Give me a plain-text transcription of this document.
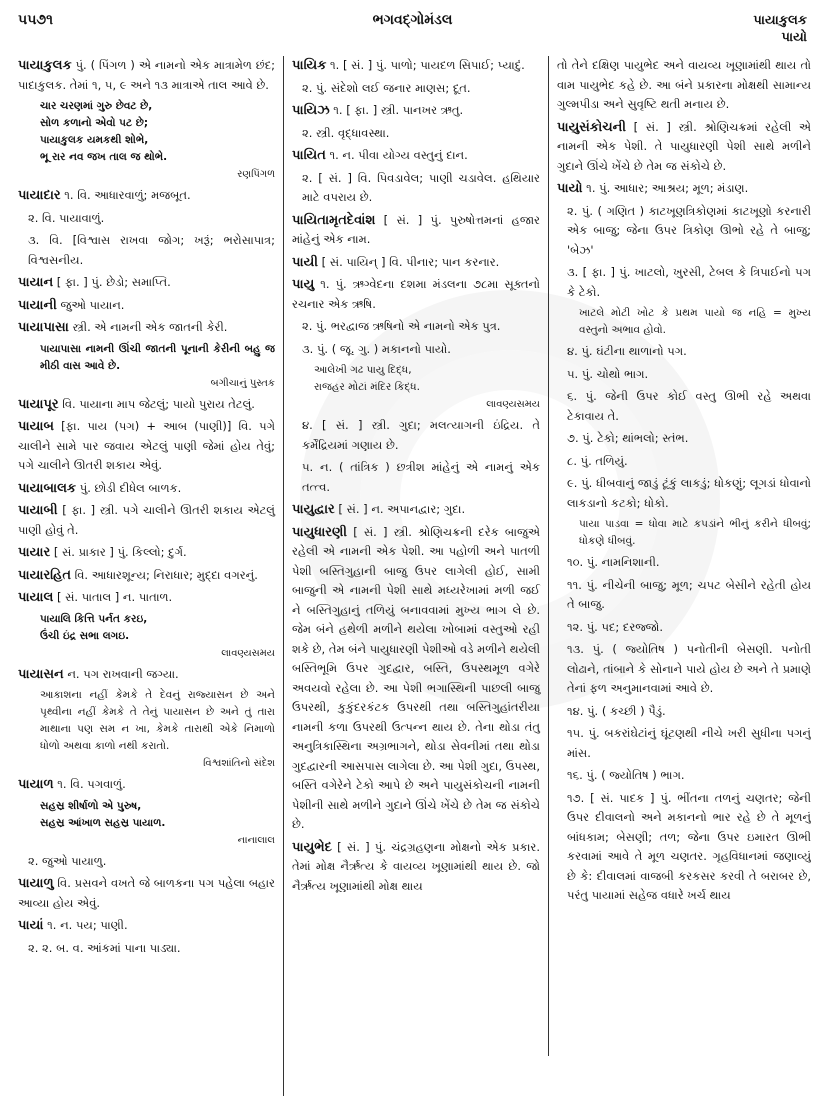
૫૫૭૧	ભગવદ્ગોમંડલ	પાયાકુલક
પાયો
પાયાકુલક પું. ( પિંગળ ) એ નામનો એક માત્રામેળ છંદ; પાદાકુલક. તેમાં ૧, ૫, ૯ અને ૧૩ માત્રાએ તાલ આવે છે.
ચાર ચરણમાં ગુરુ છેવટ છે,
સોળ કળાનો એવો પટ છે;
પાયાકુલક યમકથી શોભે,
ભૂ રાર નવ જખ તાલ જ થોભે.
રણપિંગળ
પાયાદાર ૧. વિ. આધારવાળું; મજબૂત.
૨. વિ. પાયાવાળું.
૩. વિ. [વિશ્વાસ રાખવા જોગ; ખરૂં; ભરોસાપાત્ર; વિશ્વસનીય.
પાયાન [ ફા. ] પું. છેડો; સમાપ્તિ.
પાયાની જુઓ પાયાન.
પાયાપાસા સ્ત્રી. એ નામની એક જાતની કેરી.
પાયાપાસા નામની ઊંચી જાતની પૂનાની કેરીની બહુ જ મીઠી વાસ આવે છે.
બગીચાનું પુસ્તક
પાયાપૂર વિ. પાયાના માપ જેટલું; પાયો પુરાય તેટલું.
પાયાબ [ફા. પાય (પગ) + આબ (પાણી)] વિ. પગે ચાલીને સામે પાર જવાય એટલું પાણી જેમાં હોય તેવું; પગે ચાલીને ઊતરી શકાય એવું.
પાયાબાલક પું. છોડી દીધેલ બાળક.
પાયાબી [ ફા. ] સ્ત્રી. પગે ચાલીને ઊતરી શકાય એટલું પાણી હોવું તે.
પાયાર [ સં. પ્રાકાર ] પું. કિલ્લો; દુર્ગ.
પાયારહિત વિ. આધારશૂન્ય; નિરાધાર; મુદ્દા વગરનું.
પાયાલ [ સં. પાતાલ ] ન. પાતાળ.
પાયાલિ કિત્તિ પર્નત કરઇ,
ઉંચી ઇંદ્ર સભા લગઇ.
લાવણ્યસમય
પાયાસન ન. પગ રાખવાની જગ્યા.
આકાશના નહીં કેમકે તે દેવનું રાજ્યાસન છે અને પૃથ્વીના નહીં કેમકે તે તેનું પાયાસન છે અને તું તારા માથાના પણ સમ ન ખા, કેમકે તારાથી એકે નિમાળો ધોળો અથવા કાળો નથી કરાતો.
વિશ્વશાંતિનો સંદેશ
પાયાળ ૧. વિ. પગવાળું.
સહસ્ર શીર્ષાળો એ પુરુષ,
સહસ્ર આંખાળ સહસ્ર પાયાળ.
નાનાલાલ
૨. જુઓ પાયાળુ.
પાયાળુ વિ. પ્રસવને વખતે જે બાળકના પગ પહેલા બહાર આવ્યા હોય એવું.
પાયાં ૧. ન. પય; પાણી.
૨. ૨. બ. વ. આંકમાં પાના પાડ્યા.
પાયિક ૧. [ સં. ] પું. પાળો; પાયદળ સિપાઈ; પ્યાદું.
૨. પું. સંદેશો લઈ જનાર માણસ; દૂત.
પાયિઝ ૧. [ ફા. ] સ્ત્રી. પાનખર ઋતુ.
૨. સ્ત્રી. વૃદ્ધાવસ્થા.
પાયિત ૧. ન. પીવા યોગ્ય વસ્તુનું દાન.
૨. [ સં. ] વિ. પિવડાવેલ; પાણી ચડાવેલ. હથિયાર માટે વપરાય છે.
પાયિતામૃતદેવાંશ [ સં. ] પું. પુરુષોત્તમનાં હજાર માંહેનું એક નામ.
પાયી [ સં. પાયિન્ ] વિ. પીનાર; પાન કરનાર.
પાયુ ૧. પું. ઋગ્વેદના દશમા મંડલના ૭૮મા સૂક્તનો રચનાર એક ઋષિ.
૨. પું. ભરદ્વાજ ઋષિનો એ નામનો એક પુત્ર.
૩. પું. ( જૂ. ગુ. ) મકાનનો પાયો.
આલેખી ગઢ પાયુ દિદ્ધ,
રાજહર મોટાં મંદિર કિદ્ધ.
લાવણ્યસમય
૪. [ સં. ] સ્ત્રી. ગુદા; મલત્યાગની ઇંદ્રિય. તે કર્મેંદ્રિયમાં ગણાય છે.
૫. ન. ( તાંત્રિક ) છત્રીશ માંહેનું એ નામનું એક તત્ત્વ.
પાયુદ્વાર [ સં. ] ન. અપાનદ્વાર; ગુદા.
પાયુધારણી [ સં. ] સ્ત્રી. શ્રોણિચક્રની દરેક બાજુએ રહેલી એ નામની એક પેશી. આ પહોળી અને પાતળી પેશી બસ્તિગુહાની બાજુ ઉપર લાગેલી હોઈ, સામી બાજુની એ નામની પેશી સાથે મધ્યરેખામાં મળી જઈ ને બસ્તિગુહાનું તળિયું બનાવવામાં મુખ્ય ભાગ લે છે. જેમ બંને હથેળી મળીને થયેલા ખોબામાં વસ્તુઓ રહી શકે છે, તેમ બંને પાયુધારણી પેશીઓ વડે મળીને થયેલી બસ્તિભૂમિ ઉપર ગુદદ્વાર, બસ્તિ, ઉપસ્થમૂળ વગેરે અવયવો રહેલા છે. આ પેશી ભગાસ્થિની પાછલી બાજુ ઉપરથી, કુકુંદરકંટક ઉપરથી તથા બસ્તિગુહાંતરીયા નામની કળા ઉપરથી ઉત્પન્ન થાય છે. તેના થોડા તંતુ અનુત્રિકાસ્થિના અગ્રભાગને, થોડા સેવનીમાં તથા થોડા ગુદદ્વારની આસપાસ લાગેલા છે. આ પેશી ગુદા, ઉપસ્થ, બસ્તિ વગેરેને ટેકો આપે છે અને પાયુસંકોચની નામની પેશીની સાથે મળીને ગુદાને ઊંચે ખેંચે છે તેમ જ સંકોચે છે.
પાયુભેદ [ સં. ] પું. ચંદ્રગ્રહણના મોક્ષનો એક પ્રકાર. તેમાં મોક્ષ નૈર્ઋત્ય કે વાયવ્ય ખૂણામાંથી થાય છે. જો નૈર્ઋત્ય ખૂણામાંથી મોક્ષ થાય
તો તેને દક્ષિણ પાયુભેદ અને વાયવ્ય ખૂણામાંથી થાય તો વામ પાયુભેદ કહે છે. આ બંને પ્રકારના મોક્ષથી સામાન્ય ગુલ્મપીડા અને સુવૃષ્ટિ થતી મનાય છે.
પાયુસંકોચની [ સં. ] સ્ત્રી. શ્રોણિચક્રમાં રહેલી એ નામની એક પેશી. તે પાયુધારણી પેશી સાથે મળીને ગુદાને ઊંચે ખેંચે છે તેમ જ સંકોચે છે.
પાયો ૧. પું. આધાર; આશ્રય; મૂળ; મંડાણ.
૨. પું. ( ગણિત ) કાટખૂણત્રિકોણમાં કાટખૂણો કરનારી એક બાજુ; જેના ઉપર ત્રિકોણ ઊભો રહે તે બાજુ; 'બેઝ'
૩. [ ફા. ] પું. ખાટલો, ખુરસી, ટેબલ કે ત્રિપાઈનો પગ કે ટેકો.
ખાટલે મોટી ખોટ કે પ્રથમ પાયો જ નહિ = મુખ્ય વસ્તુનો અભાવ હોવો.
૪. પું. ઘંટીના થાળાનો પગ.
૫. પું. ચોથો ભાગ.
૬. પું. જેની ઉપર કોઈ વસ્તુ ઊભી રહે અથવા ટેકાવાય તે.
૭. પું. ટેકો; થાંભલો; સ્તંભ.
૮. પું. તળિયું.
૯. પું. ધીબવાનું જાડું ટૂંકું લાકડું; ધોકણું; લૂગડાં ધોવાનો લાકડાનો કટકો; ધોકો.
પાયા પાડવા = ધોવા માટે કપડાંને ભીનું કરીને ધીબવું; ધોકણે ધીબવું.
૧૦. પું. નામનિશાની.
૧૧. પું. નીચેની બાજુ; મૂળ; ચપટ બેસીને રહેતી હોય તે બાજુ.
૧૨. પું. પદ; દરજ્જો.
૧૩. પું. ( જ્યોતિષ ) પનોતીની બેસણી. પનોતી લોઢાને, તાંબાને કે સોનાને પાયે હોય છે અને તે પ્રમાણે તેનાં ફળ અનુમાનવામાં આવે છે.
૧૪. પું. ( કચ્છી ) પૈડું.
૧૫. પું. બકરાંઘેટાંનું ઘૂંટણથી નીચે ખરી સુધીના પગનું માંસ.
૧૬. પું. ( જ્યોતિષ ) ભાગ.
૧૭. [ સં. પાદક ] પું. ભીંતના તળનું ચણતર; જેની ઉપર દીવાલનો અને મકાનનો ભાર રહે છે તે મૂળનું બાંધકામ; બેસણી; તળ; જેના ઉપર ઇમારત ઊભી કરવામાં આવે તે મૂળ ચણતર. ગૃહવિધાનમાં જણાવ્યું છે કે: દીવાલમાં વાજબી કરકસર કરવી તે બરાબર છે, પરંતુ પાયામાં સહેજ વધારે ખર્ચ થાય
